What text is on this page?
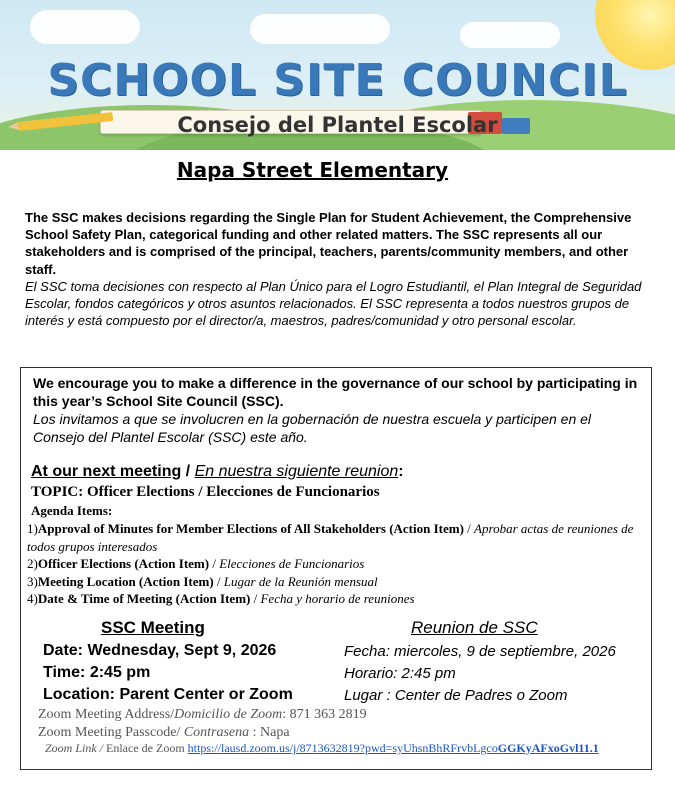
SCHOOL SITE COUNCIL
Consejo del Plantel Escolar
Napa Street Elementary
The SSC makes decisions regarding the Single Plan for Student Achievement, the Comprehensive School Safety Plan, categorical funding and other related matters. The SSC represents all our stakeholders and is comprised of the principal, teachers, parents/community members, and other staff.
El SSC toma decisiones con respecto al Plan Único para el Logro Estudiantil, el Plan Integral de Seguridad Escolar, fondos categóricos y otros asuntos relacionados. El SSC representa a todos nuestros grupos de interés y está compuesto por el director/a, maestros, padres/comunidad y otro personal escolar.
We encourage you to make a difference in the governance of our school by participating in this year’s School Site Council (SSC).
Los invitamos a que se involucren en la gobernación de nuestra escuela y participen en el Consejo del Plantel Escolar (SSC) este año.
At our next meeting / En nuestra siguiente reunion:
TOPIC: Officer Elections / Elecciones de Funcionarios
Agenda Items:

1)Approval of Minutes for Member Elections of All Stakeholders (Action Item) / Aprobar actas de reuniones de todos grupos interesados

2)Officer Elections (Action Item) / Elecciones de Funcionarios

3)Meeting Location (Action Item) / Lugar de la Reunión mensual

4)Date & Time of Meeting (Action Item) / Fecha y horario de reuniones

SSC Meeting	Reunion de SSC
Date: Wednesday, Sept 9, 2026
Time: 2:45 pm
Location: Parent Center or Zoom
Fecha: miercoles, 9 de septiembre, 2026
Horario: 2:45 pm
Lugar : Center de Padres o Zoom
Zoom Meeting Address/Domicilio de Zoom: 871 363 2819
Zoom Meeting Passcode/ Contrasena : Napa
Zoom Link / Enlace de Zoom https://lausd.zoom.us/j/8713632819?pwd=syUhsnBhRFrvbLgcoGGKyAFxoGvl11.1
